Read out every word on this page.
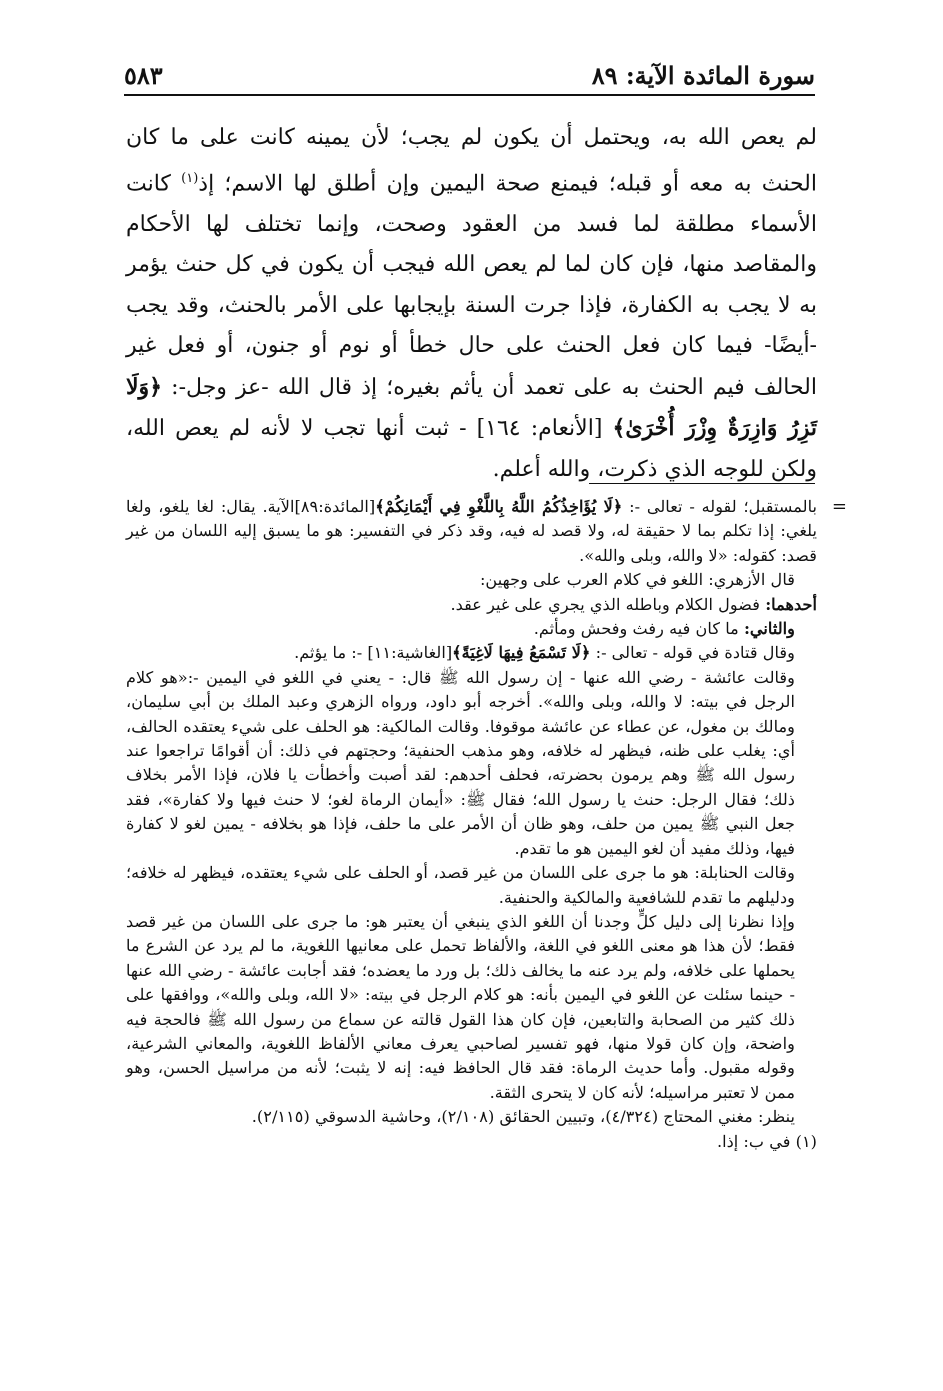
سورة المائدة الآية: ٨٩
٥٨٣

لم يعص الله به، ويحتمل أن يكون لم يجب؛ لأن يمينه كانت على ما كان الحنث به معه أو قبله؛ فيمنع صحة اليمين وإن أطلق لها الاسم؛ إذ$^{(١)}$ كانت الأسماء مطلقة لما فسد من العقود وصحت، وإنما تختلف لها الأحكام والمقاصد منها، فإن كان لما لم يعص الله فيجب أن يكون في كل حنث يؤمر به لا يجب به الكفارة، فإذا جرت السنة بإيجابها على الأمر بالحنث، وقد يجب -أيضًا- فيما كان فعل الحنث على حال خطأ أو نوم أو جنون، أو فعل غير الحالف فيم الحنث به على تعمد أن يأثم بغيره؛ إذ قال الله -عز وجل-: ﴿وَلَا تَزِرُ وَازِرَةٌ وِزْرَ أُخْرَىٰ﴾ [الأنعام: ١٦٤] - ثبت أنها تجب لا لأنه لم يعص الله، ولكن للوجه الذي ذكرت، والله أعلم.

=

بالمستقبل؛ لقوله - تعالى -: ﴿لَا يُؤَاخِذُكُمُ اللَّهُ بِاللَّغْوِ فِي أَيْمَانِكُمْ﴾[المائدة:٨٩]الآية. يقال: لغا يلغو، ولغا يلغي: إذا تكلم بما لا حقيقة له، ولا قصد له فيه، وقد ذكر في التفسير: هو ما يسبق إليه اللسان من غير قصد: كقوله: «لا والله، وبلى والله».

قال الأزهري: اللغو في كلام العرب على وجهين:

أحدهما: فضول الكلام وباطله الذي يجري على غير عقد.

والثاني: ما كان فيه رفث وفحش ومأثم.

وقال قتادة في قوله - تعالى -: ﴿لَا تَسْمَعُ فِيهَا لَاغِيَةً﴾[الغاشية:١١] -: ما يؤثم.

وقالت عائشة - رضي الله عنها - إن رسول الله ﷺ قال: - يعني في اللغو في اليمين -:«هو كلام الرجل في بيته: لا والله، وبلى والله». أخرجه أبو داود، ورواه الزهري وعبد الملك بن أبي سليمان، ومالك بن مغول، عن عطاء عن عائشة موقوفا. وقالت المالكية: هو الحلف على شيء يعتقده الحالف، أي: يغلب على ظنه، فيظهر له خلافه، وهو مذهب الحنفية؛ وحجتهم في ذلك: أن أقوامًا تراجعوا عند رسول الله ﷺ وهم يرمون بحضرته، فحلف أحدهم: لقد أصبت وأخطأت يا فلان، فإذا الأمر بخلاف ذلك؛ فقال الرجل: حنث يا رسول الله؛ فقال ﷺ: «أيمان الرماة لغو؛ لا حنث فيها ولا كفارة»، فقد جعل النبي ﷺ يمين من حلف، وهو ظان أن الأمر على ما حلف، فإذا هو بخلافه - يمين لغو لا كفارة فيها، وذلك مفيد أن لغو اليمين هو ما تقدم.

وقالت الحنابلة: هو ما جرى على اللسان من غير قصد، أو الحلف على شيء يعتقده، فيظهر له خلافه؛ ودليلهم ما تقدم للشافعية والمالكية والحنفية.

وإذا نظرنا إلى دليل كلٍّ وجدنا أن اللغو الذي ينبغي أن يعتبر هو: ما جرى على اللسان من غير قصد فقط؛ لأن هذا هو معنى اللغو في اللغة، والألفاظ تحمل على معانيها اللغوية، ما لم يرد عن الشرع ما يحملها على خلافه، ولم يرد عنه ما يخالف ذلك؛ بل ورد ما يعضده؛ فقد أجابت عائشة - رضي الله عنها - حينما سئلت عن اللغو في اليمين بأنه: هو كلام الرجل في بيته: «لا الله، وبلى والله»، ووافقها على ذلك كثير من الصحابة والتابعين، فإن كان هذا القول قالته عن سماع من رسول الله ﷺ فالحجة فيه واضحة، وإن كان قولا منها، فهو تفسير لصاحبي يعرف معاني الألفاظ اللغوية، والمعاني الشرعية، وقوله مقبول. وأما حديث الرماة: فقد قال الحافظ فيه: إنه لا يثبت؛ لأنه من مراسيل الحسن، وهو ممن لا تعتبر مراسيله؛ لأنه كان لا يتحرى الثقة.

ينظر: مغني المحتاج (٤/٣٢٤)، وتبيين الحقائق (٢/١٠٨)، وحاشية الدسوقي (٢/١١٥).

(١) في ب: إذا.
